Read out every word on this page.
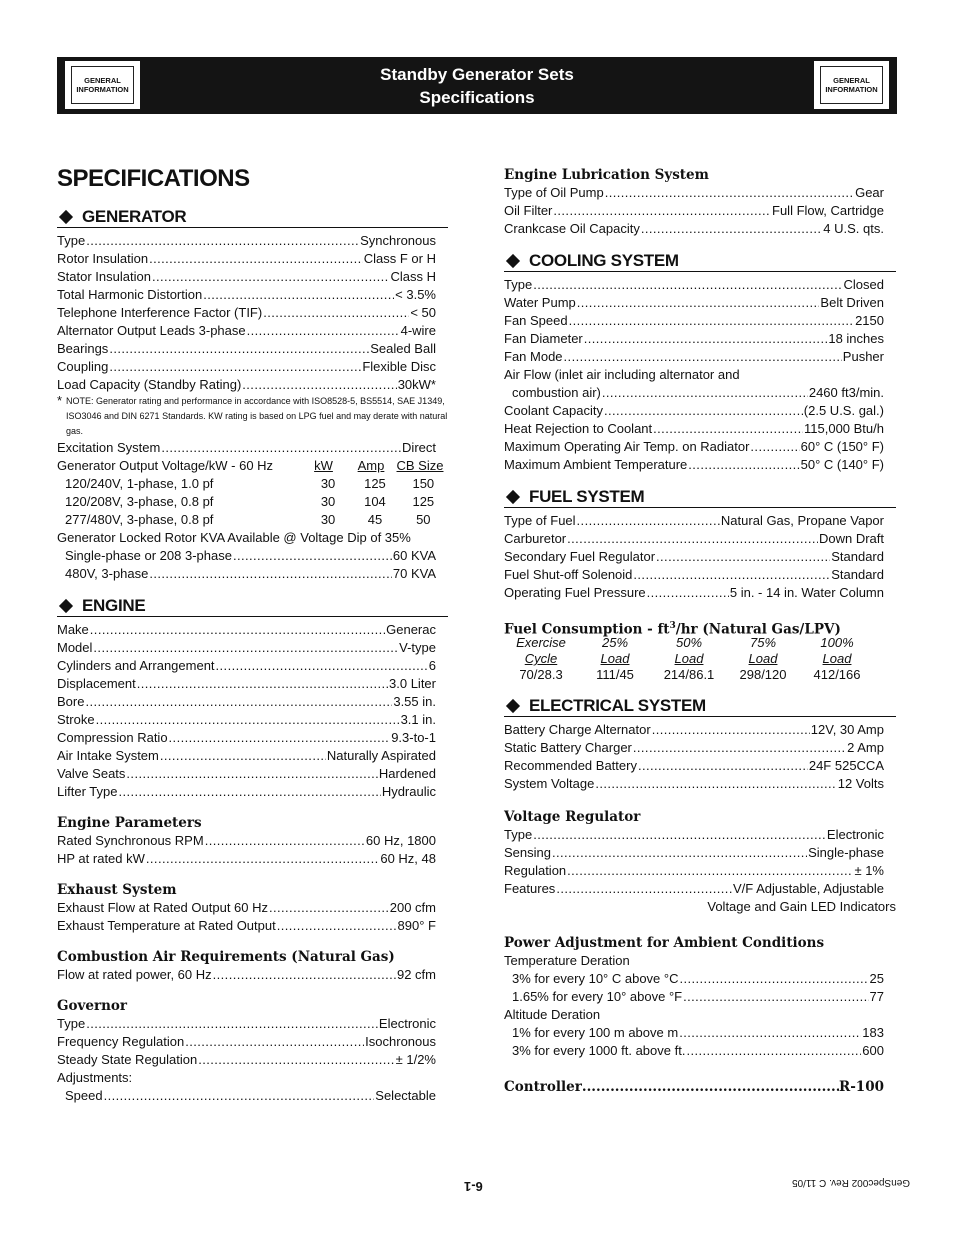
GENERAL
INFORMATION
Standby Generator Sets
Specifications
GENERAL
INFORMATION
SPECIFICATIONS
GENERATOR
Type .....	Synchronous
Rotor Insulation .....	Class F or H
Stator Insulation .....	Class H
Total Harmonic Distortion .....	< 3.5%
Telephone Interference Factor (TIF) .....	< 50
Alternator Output Leads 3-phase .....	4-wire
Bearings .....	Sealed Ball
Coupling .....	Flexible Disc
Load Capacity (Standby Rating) .....	30kW*
* NOTE: Generator rating and performance in accordance with ISO8528-5, BS5514, SAE J1349, ISO3046 and DIN 6271 Standards. KW rating is based on LPG fuel and may derate with natural gas.
Excitation System .....	Direct
Generator Output Voltage/kW - 60 Hz	kW	Amp CB Size
120/240V, 1-phase, 1.0 pf	30	125	150
120/208V, 3-phase, 0.8 pf	30	104	125
277/480V, 3-phase, 0.8 pf	30	45	50
Generator Locked Rotor KVA Available @ Voltage Dip of 35%
Single-phase or 208 3-phase .....	60 KVA
480V, 3-phase .....	70 KVA
ENGINE
Make .....	Generac
Model .....	V-type
Cylinders and Arrangement .....	6
Displacement .....	3.0 Liter
Bore .....	3.55 in.
Stroke .....	3.1 in.
Compression Ratio .....	9.3-to-1
Air Intake System .....	Naturally Aspirated
Valve Seats .....	Hardened
Lifter Type .....	Hydraulic
Engine Parameters
Rated Synchronous RPM .....	60 Hz, 1800
HP at rated kW .....	60 Hz, 48
Exhaust System
Exhaust Flow at Rated Output 60 Hz .....	200 cfm
Exhaust Temperature at Rated Output .....	890° F
Combustion Air Requirements (Natural Gas)
Flow at rated power, 60 Hz .....	92 cfm
Governor
Type .....	Electronic
Frequency Regulation .....	Isochronous
Steady State Regulation .....	± 1/2%
Adjustments:
Speed .....	Selectable
Engine Lubrication System
Type of Oil Pump .....	Gear
Oil Filter .....	Full Flow, Cartridge
Crankcase Oil Capacity .....	4 U.S. qts.
COOLING SYSTEM
Type .....	Closed
Water Pump .....	Belt Driven
Fan Speed .....	2150
Fan Diameter .....	18 inches
Fan Mode .....	Pusher
Air Flow (inlet air including alternator and
combustion air) .....	2460 ft3/min.
Coolant Capacity .....	(2.5 U.S. gal.)
Heat Rejection to Coolant .....	115,000 Btu/h
Maximum Operating Air Temp. on Radiator .....	60° C (150° F)
Maximum Ambient Temperature .....	50° C (140° F)
FUEL SYSTEM
Type of Fuel .....	Natural Gas, Propane Vapor
Carburetor .....	Down Draft
Secondary Fuel Regulator .....	Standard
Fuel Shut-off Solenoid .....	Standard
Operating Fuel Pressure .....	5 in. - 14 in. Water Column
Fuel Consumption - $ft^3/hr$ (Natural Gas/LPV)
Exercise	25%	50%	75%	100%
Cycle	Load	Load	Load	Load
70/28.3	111/45	214/86.1	298/120	412/166
ELECTRICAL SYSTEM
Battery Charge Alternator .....	12V, 30 Amp
Static Battery Charger .....	2 Amp
Recommended Battery .....	24F 525CCA
System Voltage .....	12 Volts
Voltage Regulator
Type .....	Electronic
Sensing .....	Single-phase
Regulation .....	± 1%
Features .....	V/F Adjustable, Adjustable
Voltage and Gain LED Indicators
Power Adjustment for Ambient Conditions
Temperature Deration
3% for every 10° C above °C .....	25
1.65% for every 10° above °F .....	77
Altitude Deration
1% for every 100 m above m .....	183
3% for every 1000 ft. above ft. .....	600
Controller .....	R-100
6-1	GenSpec002 Rev. C 11/05
